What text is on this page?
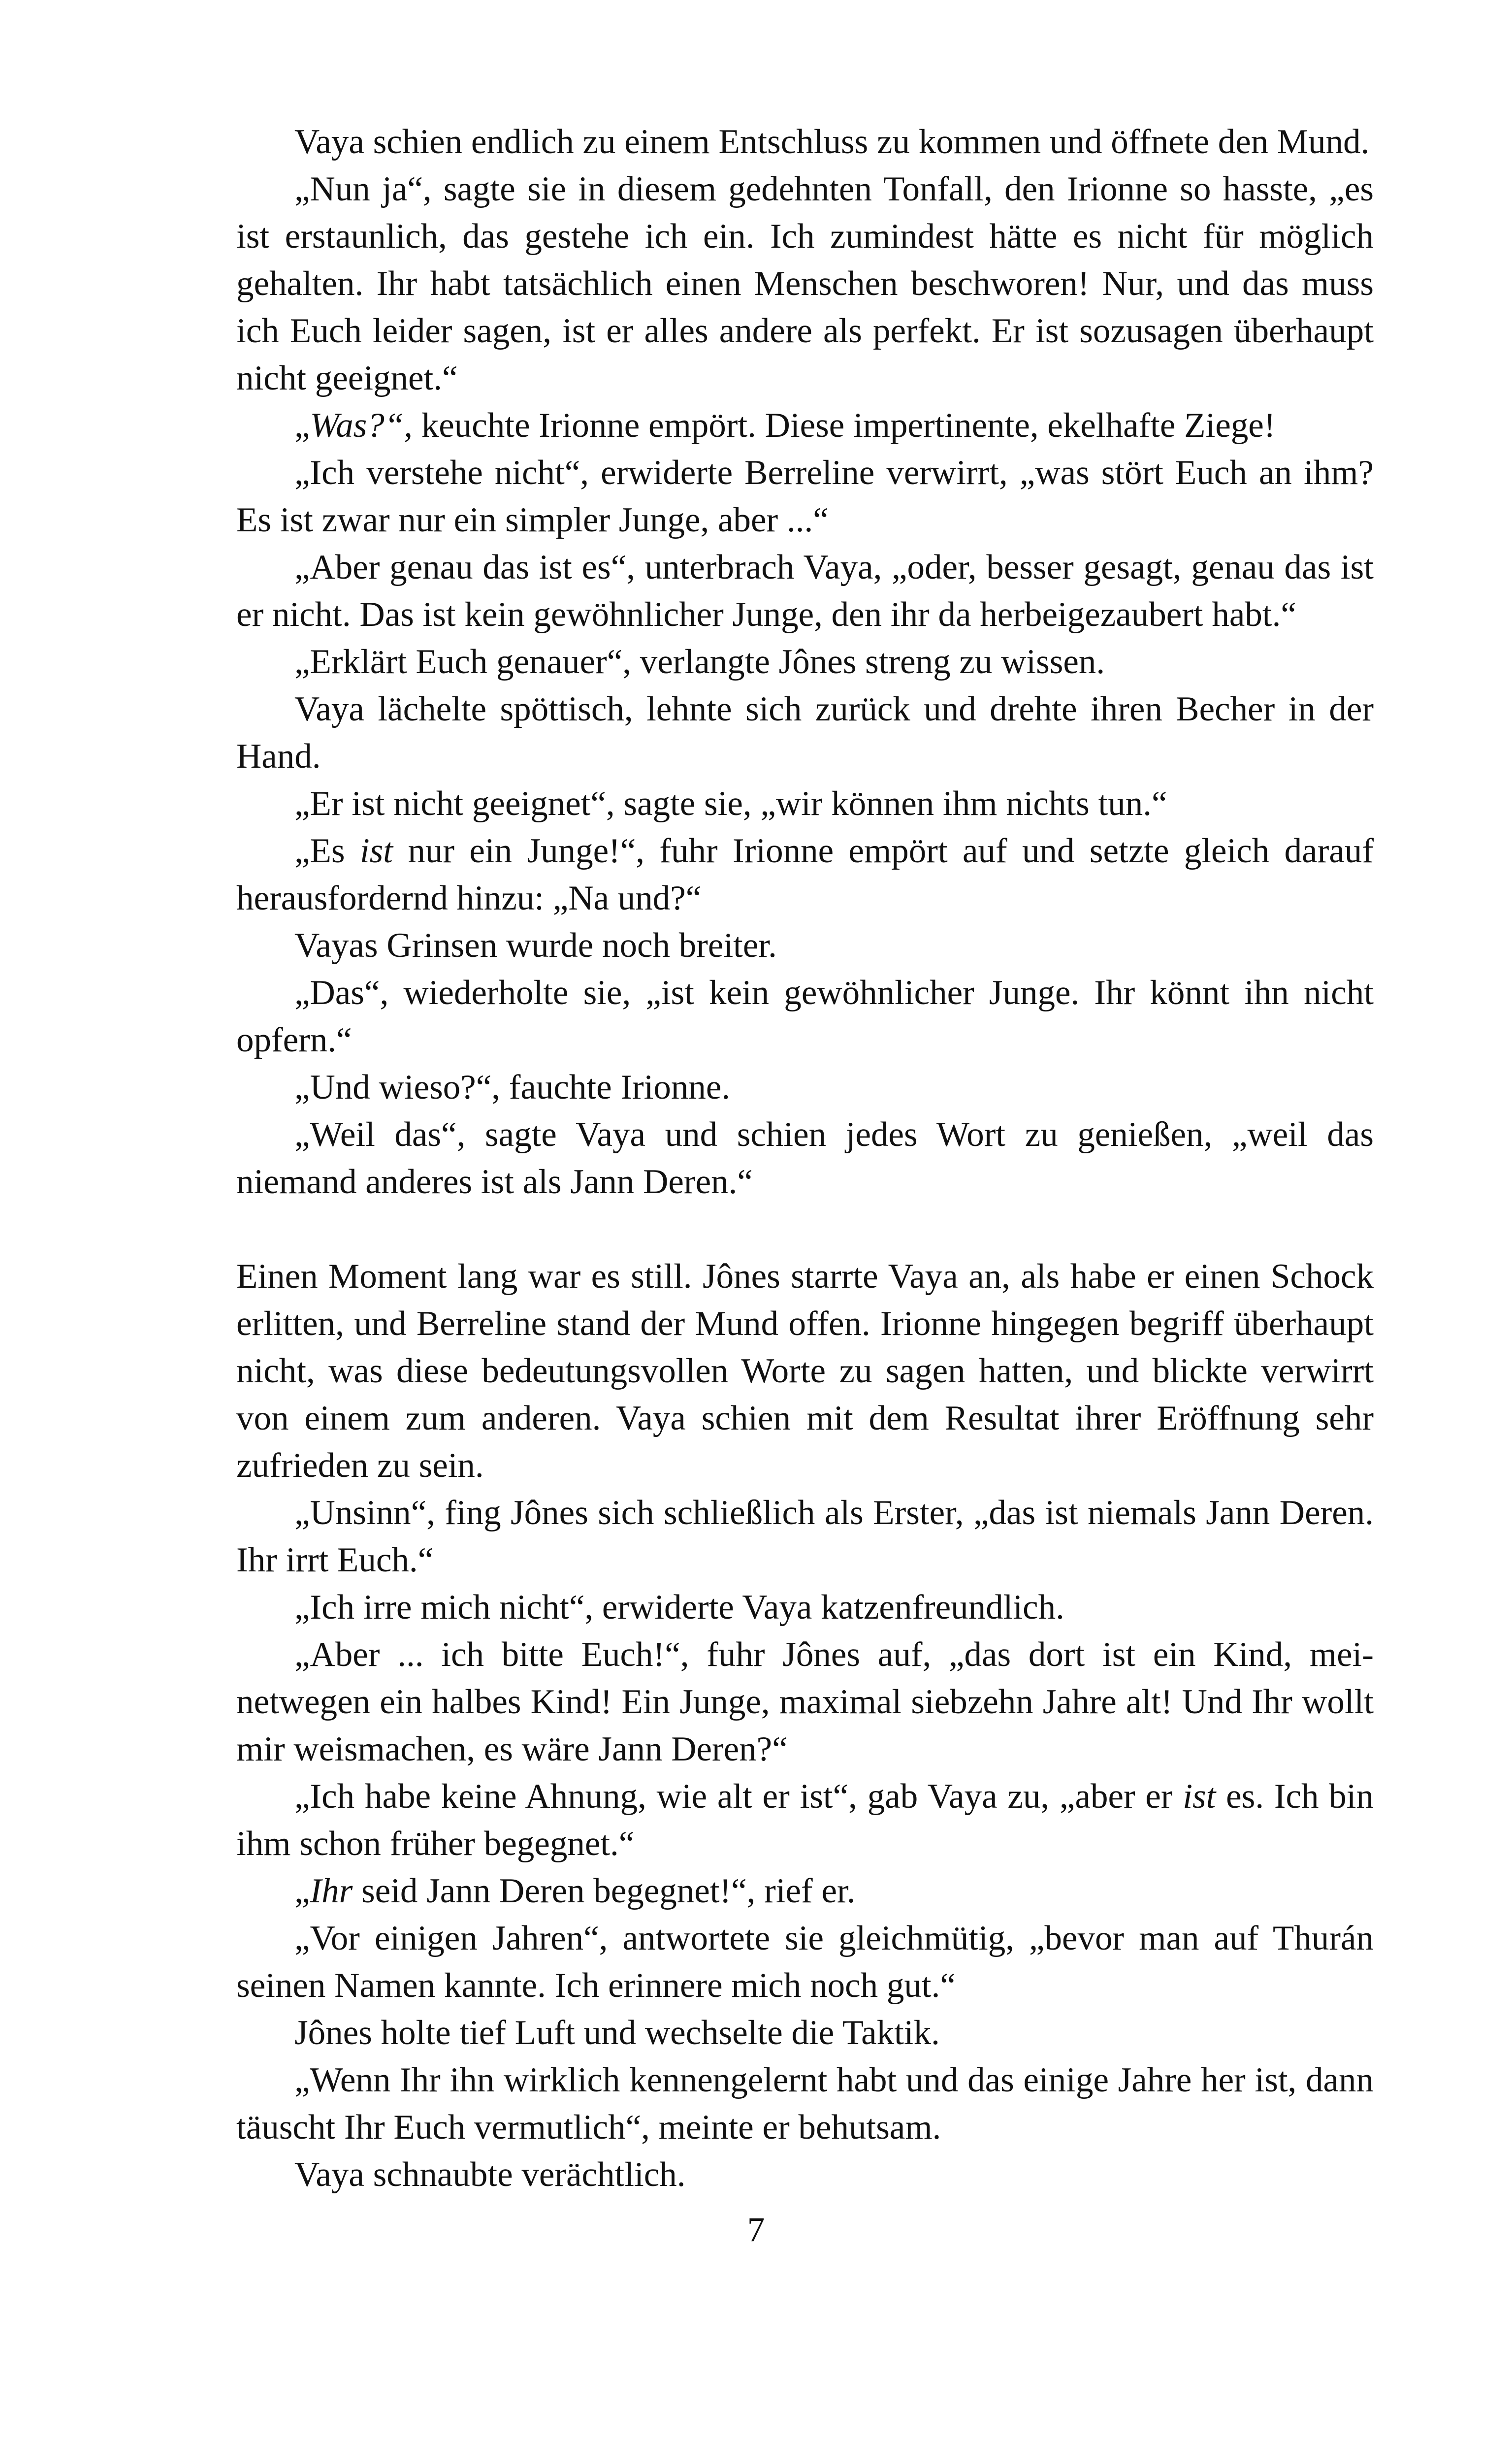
Vaya schien endlich zu einem Entschluss zu kommen und öffnete den Mund.

„Nun ja“, sagte sie in diesem gedehnten Tonfall, den Irionne so hasste, „es ist erstaunlich, das gestehe ich ein. Ich zumindest hätte es nicht für möglich gehalten. Ihr habt tatsächlich einen Menschen beschworen! Nur, und das muss ich Euch leider sagen, ist er alles andere als perfekt. Er ist sozusagen überhaupt nicht geeignet.“

„Was?“, keuchte Irionne empört. Diese impertinente, ekelhafte Ziege!

„Ich verstehe nicht“, erwiderte Berreline verwirrt, „was stört Euch an ihm? Es ist zwar nur ein simpler Junge, aber ...“

„Aber genau das ist es“, unterbrach Vaya, „oder, besser gesagt, genau das ist er nicht. Das ist kein gewöhnlicher Junge, den ihr da herbeigezaubert habt.“

„Erklärt Euch genauer“, verlangte Jônes streng zu wissen.

Vaya lächelte spöttisch, lehnte sich zurück und drehte ihren Becher in der Hand.

„Er ist nicht geeignet“, sagte sie, „wir können ihm nichts tun.“

„Es ist nur ein Junge!“, fuhr Irionne empört auf und setzte gleich darauf herausfordernd hinzu: „Na und?“

Vayas Grinsen wurde noch breiter.

„Das“, wiederholte sie, „ist kein gewöhnlicher Junge. Ihr könnt ihn nicht opfern.“

„Und wieso?“, fauchte Irionne.

„Weil das“, sagte Vaya und schien jedes Wort zu genießen, „weil das niemand anderes ist als Jann Deren.“

Einen Moment lang war es still. Jônes starrte Vaya an, als habe er einen Schock erlitten, und Berreline stand der Mund offen. Irionne hingegen begriff überhaupt nicht, was diese bedeutungsvollen Worte zu sagen hatten, und blickte verwirrt von einem zum anderen. Vaya schien mit dem Resultat ihrer Eröffnung sehr zufrieden zu sein.

„Unsinn“, fing Jônes sich schließlich als Erster, „das ist niemals Jann Deren. Ihr irrt Euch.“

„Ich irre mich nicht“, erwiderte Vaya katzenfreundlich.

„Aber ... ich bitte Euch!“, fuhr Jônes auf, „das dort ist ein Kind, mei-netwegen ein halbes Kind! Ein Junge, maximal siebzehn Jahre alt! Und Ihr wollt mir weismachen, es wäre Jann Deren?“

„Ich habe keine Ahnung, wie alt er ist“, gab Vaya zu, „aber er ist es. Ich bin ihm schon früher begegnet.“

„Ihr seid Jann Deren begegnet!“, rief er.

„Vor einigen Jahren“, antwortete sie gleichmütig, „bevor man auf Thurán seinen Namen kannte. Ich erinnere mich noch gut.“

Jônes holte tief Luft und wechselte die Taktik.

„Wenn Ihr ihn wirklich kennengelernt habt und das einige Jahre her ist, dann täuscht Ihr Euch vermutlich“, meinte er behutsam.

Vaya schnaubte verächtlich.

7
